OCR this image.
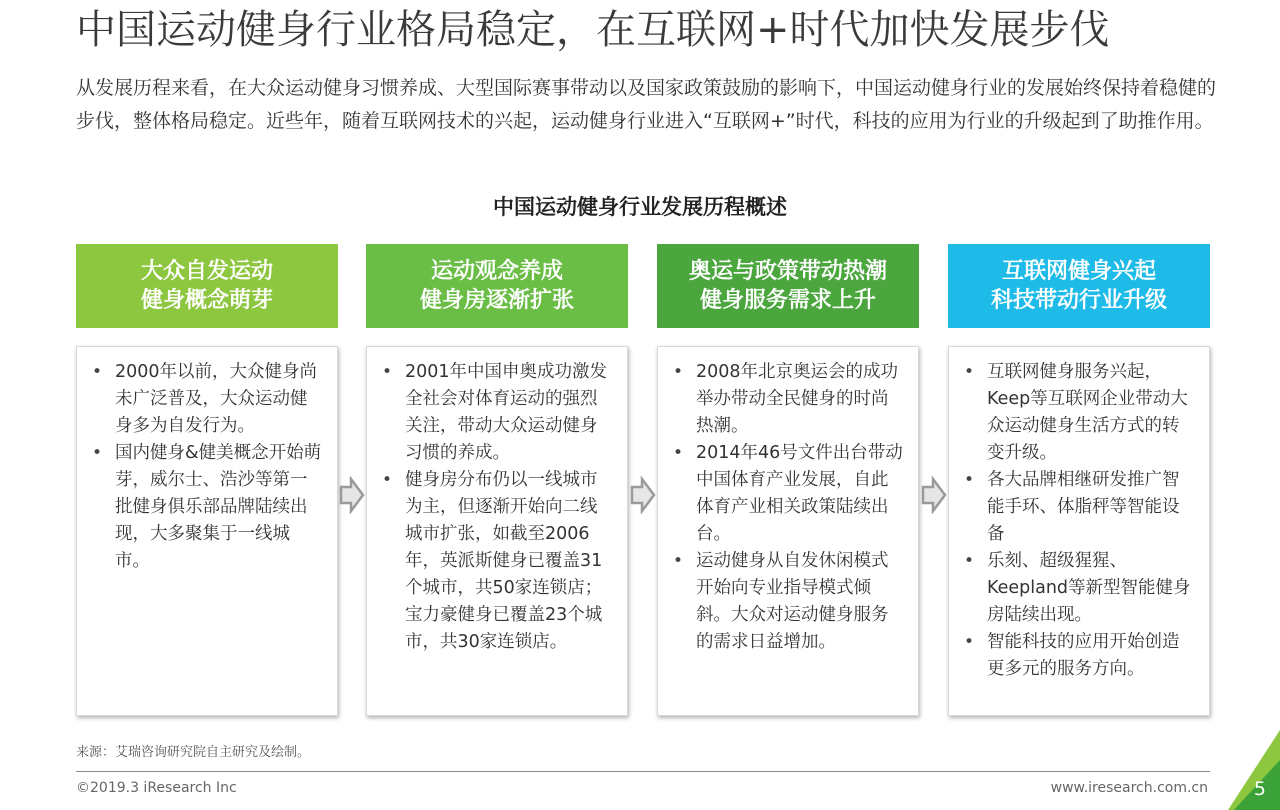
中国运动健身行业格局稳定，在互联网+时代加快发展步伐
从发展历程来看，在大众运动健身习惯养成、大型国际赛事带动以及国家政策鼓励的影响下，中国运动健身行业的发展始终保持着稳健的步伐，整体格局稳定。近些年，随着互联网技术的兴起，运动健身行业进入“互联网+”时代，科技的应用为行业的升级起到了助推作用。
中国运动健身行业发展历程概述
大众自发运动
健身概念萌芽
运动观念养成
健身房逐渐扩张
奥运与政策带动热潮
健身服务需求上升
互联网健身兴起
科技带动行业升级
• 2000年以前，大众健身尚未广泛普及，大众运动健身多为自发行为。
• 国内健身&健美概念开始萌芽，威尔士、浩沙等第一批健身俱乐部品牌陆续出现，大多聚集于一线城市。
• 2001年中国申奥成功激发全社会对体育运动的强烈关注，带动大众运动健身习惯的养成。
• 健身房分布仍以一线城市为主，但逐渐开始向二线城市扩张，如截至2006年，英派斯健身已覆盖31个城市，共50家连锁店；宝力豪健身已覆盖23个城市，共30家连锁店。
• 2008年北京奥运会的成功举办带动全民健身的时尚热潮。
• 2014年46号文件出台带动中国体育产业发展，自此体育产业相关政策陆续出台。
• 运动健身从自发休闲模式开始向专业指导模式倾斜。大众对运动健身服务的需求日益增加。
• 互联网健身服务兴起，Keep等互联网企业带动大众运动健身生活方式的转变升级。
• 各大品牌相继研发推广智能手环、体脂秤等智能设备
• 乐刻、超级猩猩、Keepland等新型智能健身房陆续出现。
• 智能科技的应用开始创造更多元的服务方向。
来源：艾瑞咨询研究院自主研究及绘制。
©2019.3 iResearch Inc	www.iresearch.com.cn 5
